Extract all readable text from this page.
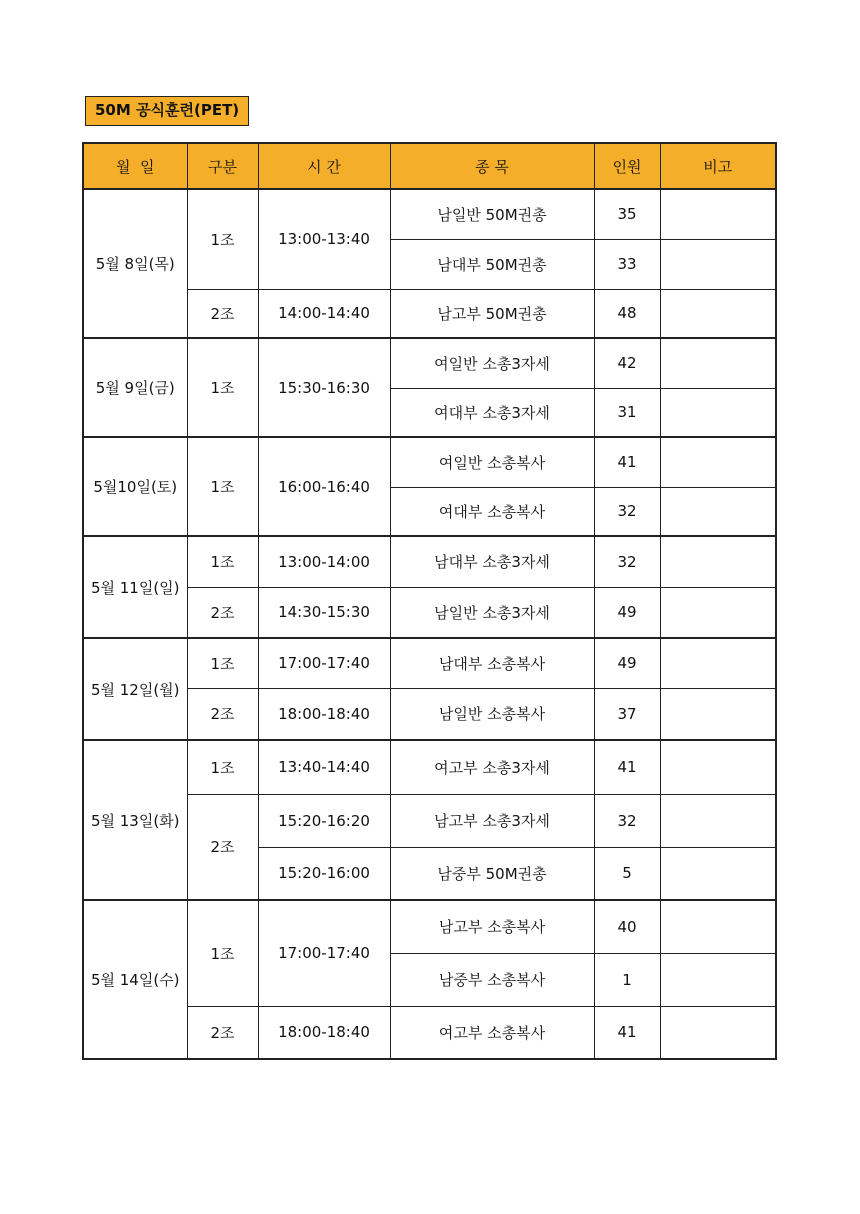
50M 공식훈련(PET)
월  일	구분	시 간	종 목	인원	비고
5월 8일(목)	1조	13:00-13:40	남일반 50M권총	35	
			남대부 50M권총	33	
	2조	14:00-14:40	남고부 50M권총	48	
5월 9일(금)	1조	15:30-16:30	여일반 소총3자세	42	
			여대부 소총3자세	31	
5월10일(토)	1조	16:00-16:40	여일반 소총복사	41	
			여대부 소총복사	32	
5월 11일(일)	1조	13:00-14:00	남대부 소총3자세	32	
	2조	14:30-15:30	남일반 소총3자세	49	
5월 12일(월)	1조	17:00-17:40	남대부 소총복사	49	
	2조	18:00-18:40	남일반 소총복사	37	
5월 13일(화)	1조	13:40-14:40	여고부 소총3자세	41	
	2조	15:20-16:20	남고부 소총3자세	32	
		15:20-16:00	남중부 50M권총	5	
5월 14일(수)	1조	17:00-17:40	남고부 소총복사	40	
			남중부 소총복사	1	
	2조	18:00-18:40	여고부 소총복사	41	
